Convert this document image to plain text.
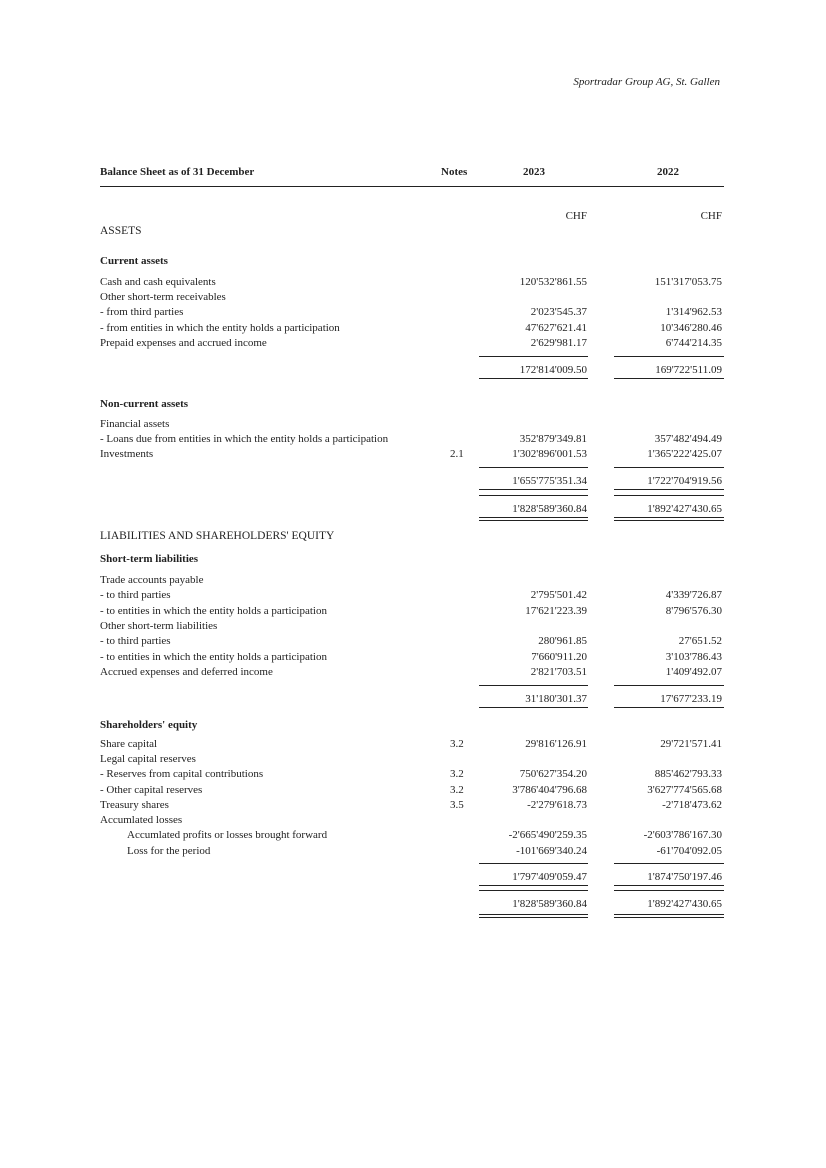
Sportradar Group AG, St. Gallen
Balance Sheet as of 31 December	Notes	2023	2022
CHF	CHF
ASSETS
Current assets
Cash and cash equivalents	120'532'861.55	151'317'053.75
Other short-term receivables
- from third parties	2'023'545.37	1'314'962.53
- from entities in which the entity holds a participation	47'627'621.41	10'346'280.46
Prepaid expenses and accrued income	2'629'981.17	6'744'214.35
172'814'009.50	169'722'511.09
Non-current assets
Financial assets
- Loans due from entities in which the entity holds a participation	352'879'349.81	357'482'494.49
Investments	2.1	1'302'896'001.53	1'365'222'425.07
1'655'775'351.34	1'722'704'919.56
1'828'589'360.84	1'892'427'430.65
LIABILITIES AND SHAREHOLDERS' EQUITY
Short-term liabilities
Trade accounts payable
- to third parties	2'795'501.42	4'339'726.87
- to entities in which the entity holds a participation	17'621'223.39	8'796'576.30
Other short-term liabilities
- to third parties	280'961.85	27'651.52
- to entities in which the entity holds a participation	7'660'911.20	3'103'786.43
Accrued expenses and deferred income	2'821'703.51	1'409'492.07
31'180'301.37	17'677'233.19
Shareholders' equity
Share capital	3.2	29'816'126.91	29'721'571.41
Legal capital reserves
- Reserves from capital contributions	3.2	750'627'354.20	885'462'793.33
- Other capital reserves	3.2	3'786'404'796.68	3'627'774'565.68
Treasury shares	3.5	-2'279'618.73	-2'718'473.62
Accumlated losses
Accumlated profits or losses brought forward	-2'665'490'259.35	-2'603'786'167.30
Loss for the period	-101'669'340.24	-61'704'092.05
1'797'409'059.47	1'874'750'197.46
1'828'589'360.84	1'892'427'430.65
